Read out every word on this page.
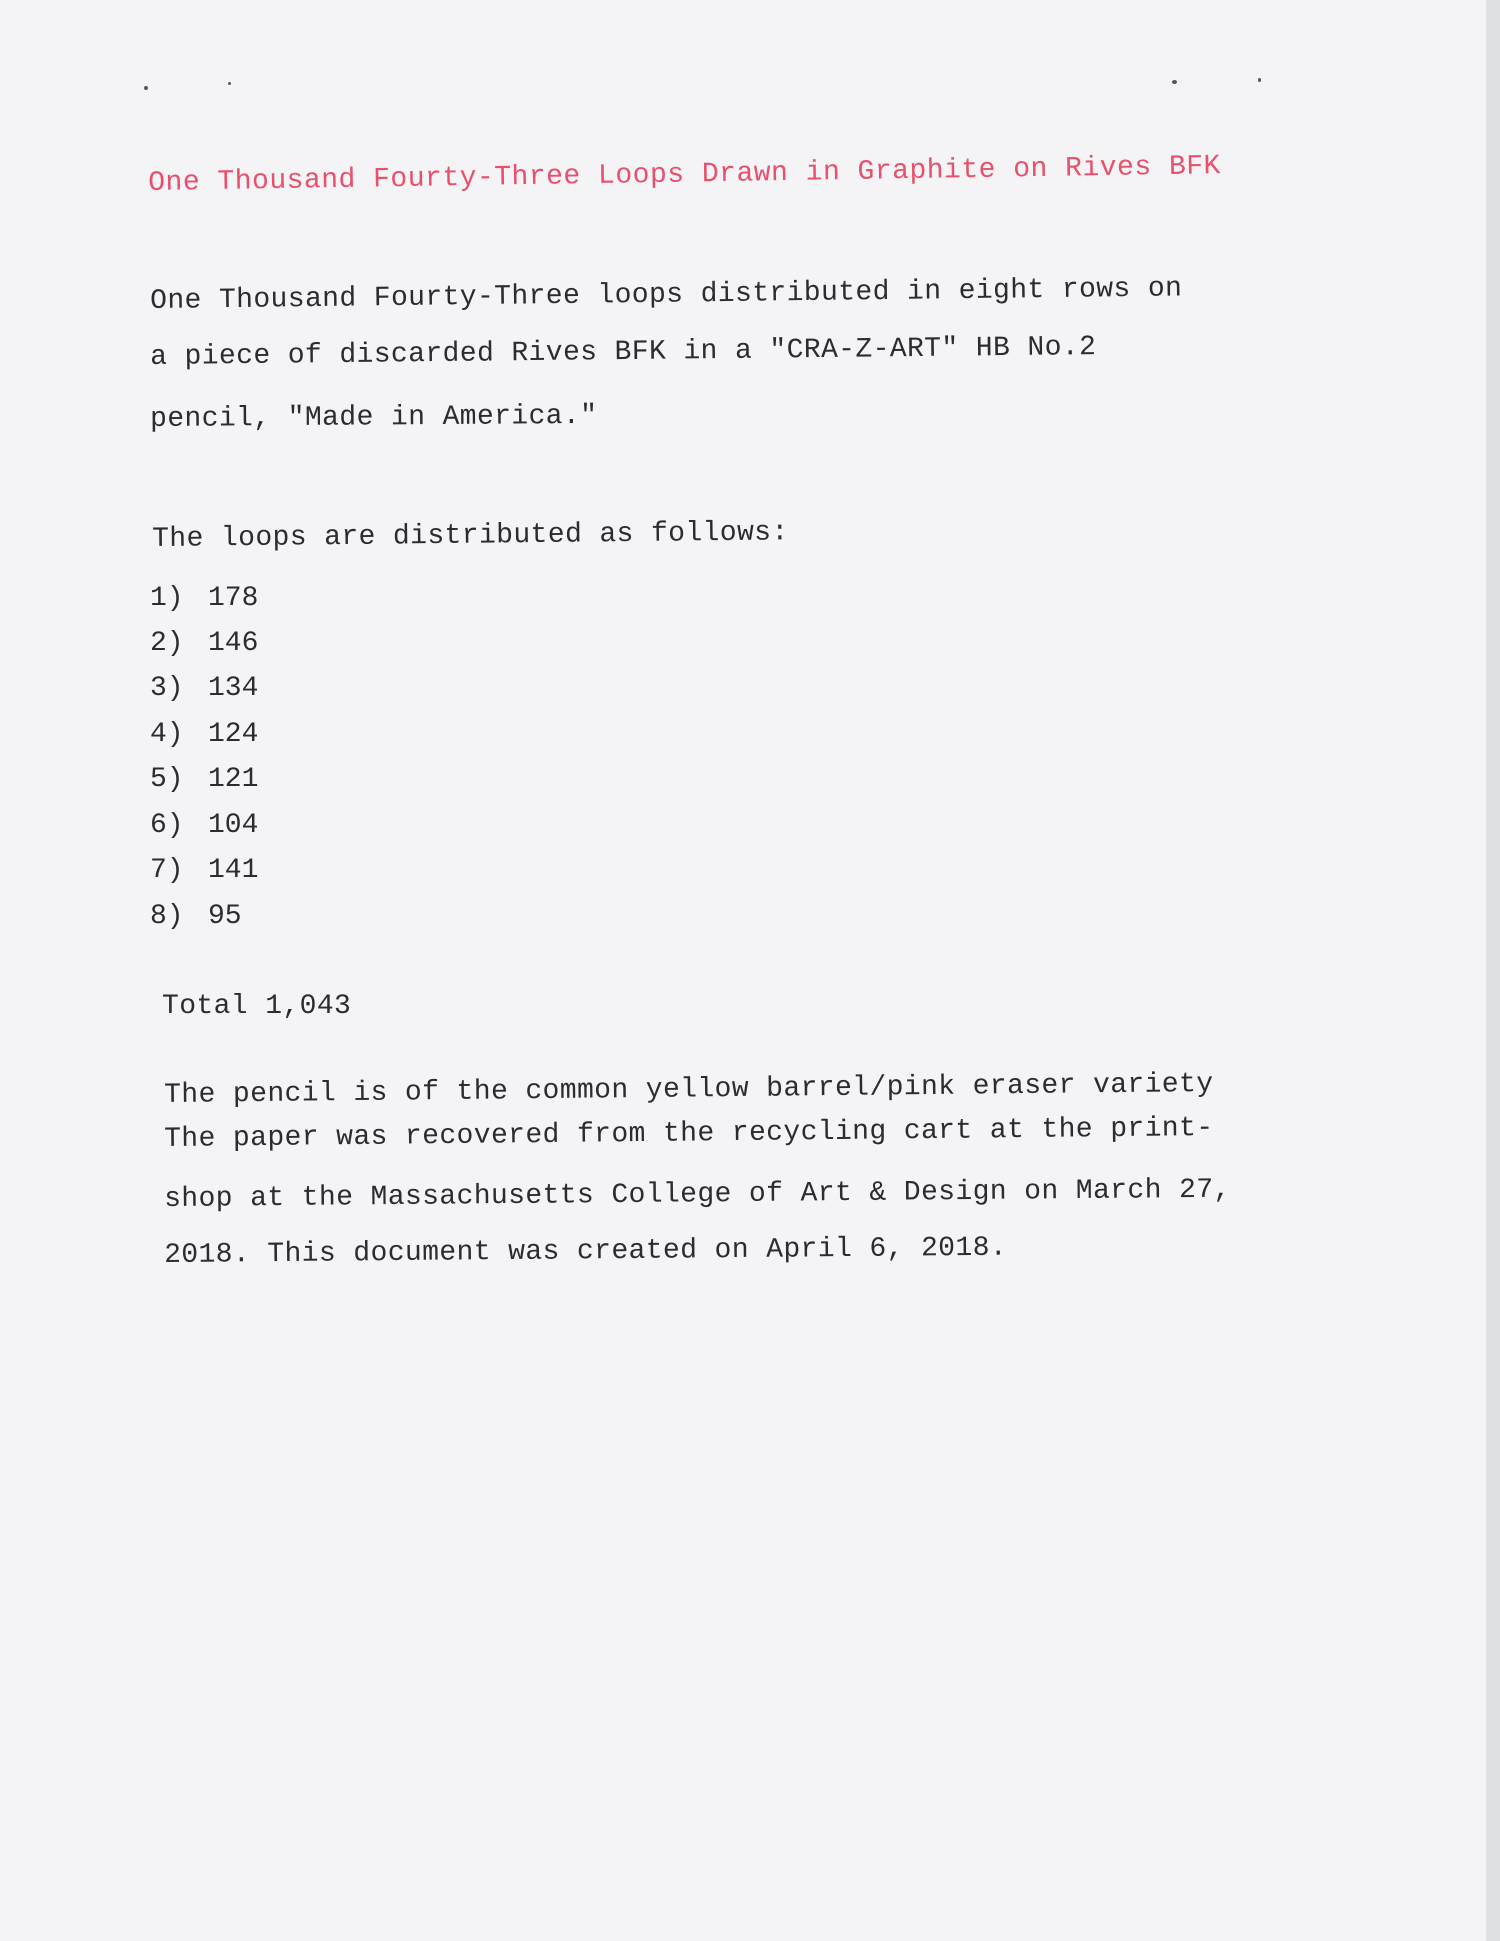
One Thousand Fourty-Three Loops Drawn in Graphite on Rives BFK
One Thousand Fourty-Three loops distributed in eight rows on
a piece of discarded Rives BFK in a "CRA-Z-ART" HB No.2
pencil, "Made in America."
The loops are distributed as follows:
1) 178
2) 146
3) 134
4) 124
5) 121
6) 104
7) 141
8) 95
Total 1,043
The pencil is of the common yellow barrel/pink eraser variety
The paper was recovered from the recycling cart at the print-
shop at the Massachusetts College of Art & Design on March 27,
2018. This document was created on April 6, 2018.
